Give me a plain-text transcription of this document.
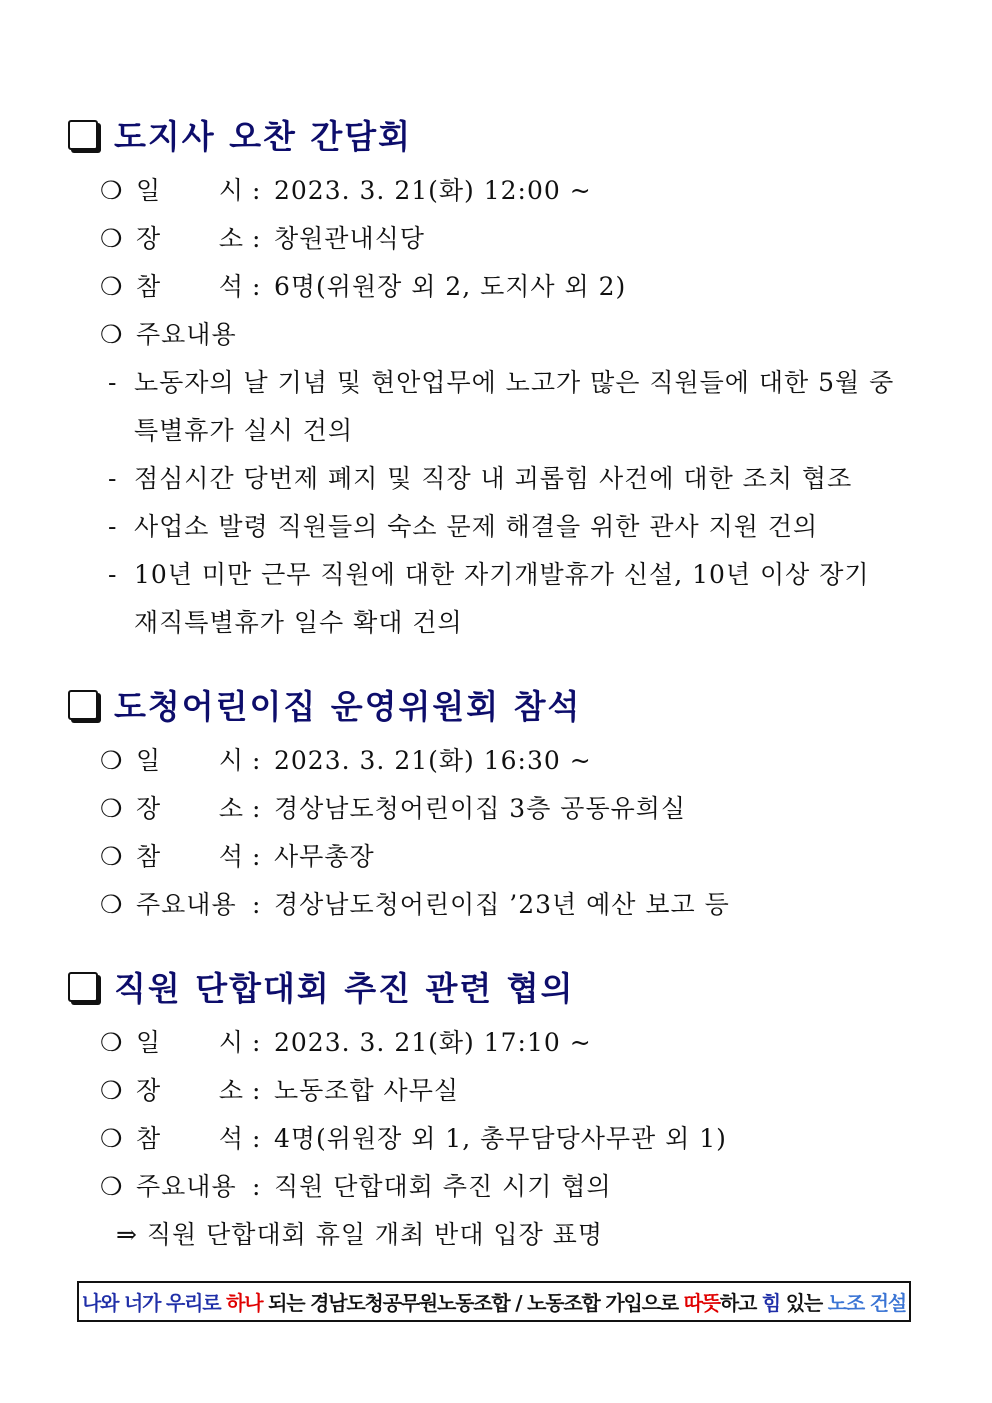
도지사 오찬 간담회
❍ 일 시 : 2023. 3. 21(화) 12:00 ~
❍ 장 소 : 창원관내식당
❍ 참 석 : 6명(위원장 외 2, 도지사 외 2)
❍ 주요내용
- 노동자의 날 기념 및 현안업무에 노고가 많은 직원들에 대한 5월 중
특별휴가 실시 건의
- 점심시간 당번제 폐지 및 직장 내 괴롭힘 사건에 대한 조치 협조
- 사업소 발령 직원들의 숙소 문제 해결을 위한 관사 지원 건의
- 10년 미만 근무 직원에 대한 자기개발휴가 신설, 10년 이상 장기
재직특별휴가 일수 확대 건의
도청어린이집 운영위원회 참석
❍ 일 시 : 2023. 3. 21(화) 16:30 ~
❍ 장 소 : 경상남도청어린이집 3층 공동유희실
❍ 참 석 : 사무총장
❍ 주요내용 : 경상남도청어린이집 ’23년 예산 보고 등
직원 단합대회 추진 관련 협의
❍ 일 시 : 2023. 3. 21(화) 17:10 ~
❍ 장 소 : 노동조합 사무실
❍ 참 석 : 4명(위원장 외 1, 총무담당사무관 외 1)
❍ 주요내용 : 직원 단합대회 추진 시기 협의
⇒ 직원 단합대회 휴일 개최 반대 입장 표명
나와 너가 우리로 하나 되는 경남도청공무원노동조합 / 노동조합 가입으로 따뜻 하고 힘 있는 노조 건설
